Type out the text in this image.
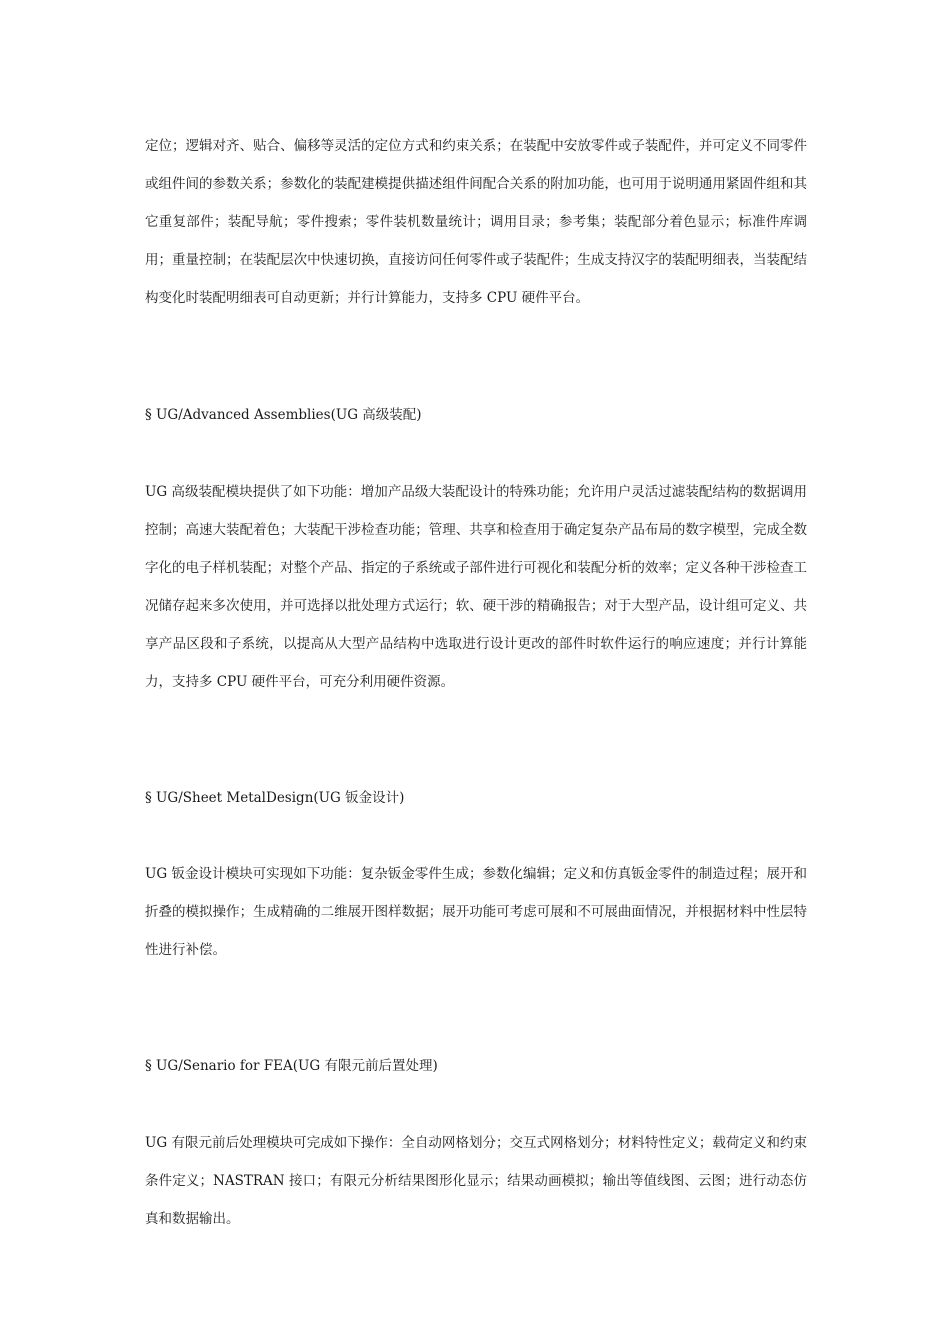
定位；逻辑对齐、贴合、偏移等灵活的定位方式和约束关系；在装配中安放零件或子装配件，并可定义不同零件或组件间的参数关系；参数化的装配建模提供描述组件间配合关系的附加功能，也可用于说明通用紧固件组和其它重复部件；装配导航；零件搜索；零件装机数量统计；调用目录；参考集；装配部分着色显示；标准件库调用；重量控制；在装配层次中快速切换，直接访问任何零件或子装配件；生成支持汉字的装配明细表，当装配结构变化时装配明细表可自动更新；并行计算能力，支持多 CPU 硬件平台。

§ UG/Advanced Assemblies(UG 高级装配)

UG 高级装配模块提供了如下功能：增加产品级大装配设计的特殊功能；允许用户灵活过滤装配结构的数据调用控制；高速大装配着色；大装配干涉检查功能；管理、共享和检查用于确定复杂产品布局的数字模型，完成全数字化的电子样机装配；对整个产品、指定的子系统或子部件进行可视化和装配分析的效率；定义各种干涉检查工况储存起来多次使用，并可选择以批处理方式运行；软、硬干涉的精确报告；对于大型产品，设计组可定义、共享产品区段和子系统，以提高从大型产品结构中选取进行设计更改的部件时软件运行的响应速度；并行计算能力，支持多 CPU 硬件平台，可充分利用硬件资源。

§ UG/Sheet MetalDesign(UG 钣金设计)

UG 钣金设计模块可实现如下功能：复杂钣金零件生成；参数化编辑；定义和仿真钣金零件的制造过程；展开和折叠的模拟操作；生成精确的二维展开图样数据；展开功能可考虑可展和不可展曲面情况，并根据材料中性层特性进行补偿。

§ UG/Senario for FEA(UG 有限元前后置处理)

UG 有限元前后处理模块可完成如下操作：全自动网格划分；交互式网格划分；材料特性定义；载荷定义和约束条件定义；NASTRAN 接口；有限元分析结果图形化显示；结果动画模拟；输出等值线图、云图；进行动态仿真和数据输出。
